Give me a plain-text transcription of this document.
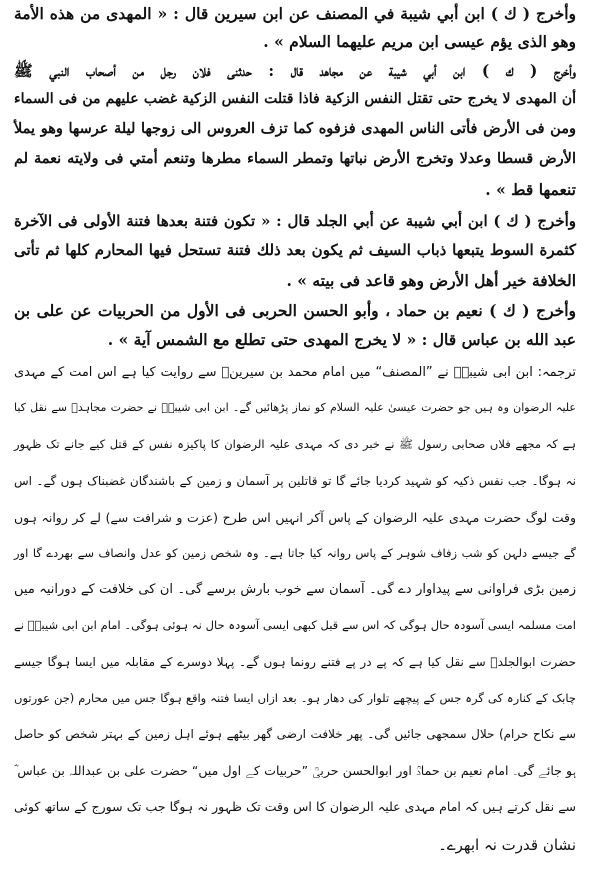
وأخرج ( ك ) ابن أبي شيبة في المصنف عن ابن سيرين قال : « المهدى من هذه الأمة
وهو الذى يؤم عيسى ابن مريم عليهما السلام » .
وأخرج ( ك ) ابن أبي شيبة عن مجاهد قال : حدثنى فلان رجل من أصحاب النبي ﷺ
أن المهدى لا يخرج حتى تقتل النفس الزكية فاذا قتلت النفس الزكية غضب عليهم من فى السماء
ومن فى الأرض فأتى الناس المهدى فزفوه كما تزف العروس الى زوجها ليلة عرسها وهو يملأ
الأرض قسطا وعدلا وتخرج الأرض نباتها وتمطر السماء مطرها وتنعم أمتي فى ولايته نعمة لم
تنعمها قط » .
وأخرج ( ك ) ابن أبي شيبة عن أبي الجلد قال : « تكون فتنة بعدها فتنة الأولى فى الآخرة
كثمرة السوط يتبعها ذباب السيف ثم يكون بعد ذلك فتنة تستحل فيها المحارم كلها ثم تأتى
الخلافة خير أهل الأرض وهو قاعد فى بيته » .
وأخرج ( ك ) نعيم بن حماد ، وأبو الحسن الحربى فى الأول من الحربيات عن على بن
عبد الله بن عباس قال : « لا يخرج المهدى حتى تطلع مع الشمس آية » .
ترجمہ: ابن ابی شیبہؒ نے ”المصنف“ میں امام محمد بن سیرینؒ سے روایت کیا ہے اس امت کے مہدی
علیہ الرضوان وہ ہیں جو حضرت عیسیٰ علیہ السلام کو نماز پڑھائیں گے۔ ابن ابی شیبہؒ نے حضرت مجاہدؒ سے نقل کیا
ہے کہ مجھے فلاں صحابی رسول ﷺ نے خبر دی کہ مہدی علیہ الرضوان کا پاکیزہ نفس کے قتل کیے جانے تک ظہور
نہ ہوگا۔ جب نفس ذکیہ کو شہید کردیا جائے گا تو قاتلین پر آسمان و زمین کے باشندگان غضبناک ہوں گے۔ اس
وقت لوگ حضرت مہدی علیہ الرضوان کے پاس آکر انہیں اس طرح (عزت و شرافت سے) لے کر روانہ ہوں
گے جیسے دلہن کو شب زفاف شوہر کے پاس روانہ کیا جاتا ہے۔ وہ شخص زمین کو عدل وانصاف سے بھردے گا اور
زمین بڑی فراوانی سے پیداوار دے گی۔ آسمان سے خوب بارش برسے گی۔ ان کی خلافت کے دورانیہ میں
امت مسلمہ ایسی آسودہ حال ہوگی کہ اس سے قبل کبھی ایسی آسودہ حال نہ ہوئی ہوگی۔ امام ابن ابی شیبہؒ نے
حضرت ابوالجلدؒ سے نقل کیا ہے کہ پے در پے فتنے رونما ہوں گے۔ پہلا دوسرے کے مقابلہ میں ایسا ہوگا جیسے
چابک کے کنارہ کی گرہ جس کے پیچھے تلوار کی دھار ہو۔ بعد ازاں ایسا فتنہ واقع ہوگا جس میں محارم (جن عورتوں
سے نکاح حرام) حلال سمجھی جائیں گی۔ پھر خلافت ارضی گھر بیٹھے ہوئے اہل زمین کے بہتر شخص کو حاصل
ہو جائے گی۔ امام نعیم بن حمادؒ اور ابوالحسن حربیؒ ”حربیات کے اول میں“ حضرت علی بن عبداللہ بن عباس ؓ
سے نقل کرتے ہیں کہ امام مہدی علیہ الرضوان کا اس وقت تک ظہور نہ ہوگا جب تک سورج کے ساتھ کوئی
نشان قدرت نہ ابھرے۔
